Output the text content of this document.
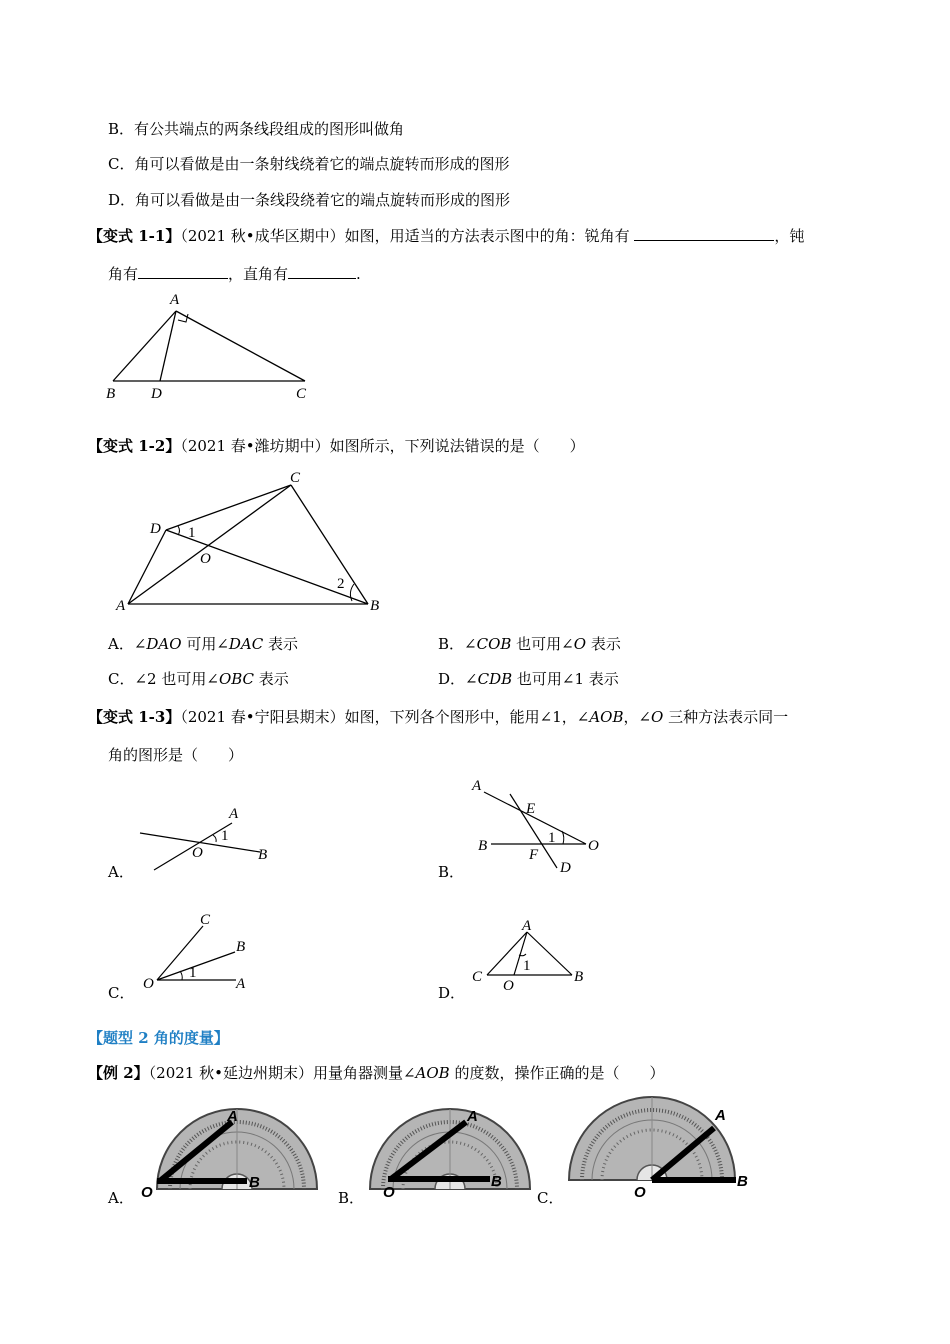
B．有公共端点的两条线段组成的图形叫做角
C．角可以看做是由一条射线绕着它的端点旋转而形成的图形
D．角可以看做是由一条线段绕着它的端点旋转而形成的图形
【变式 1-1】（2021 秋•成华区期中）如图，用适当的方法表示图中的角：锐角有	，钝
角有	，直角有	.
A
B D	C
【变式 1-2】（2021 春•潍坊期中）如图所示，下列说法错误的是（　　）
C
D 1
O
2
A	B
A．∠DAO 可用∠DAC 表示	B．∠COB 也可用∠O 表示
C．∠2 也可用∠OBC 表示	D．∠CDB 也可用∠1 表示
【变式 1-3】（2021 春•宁阳县期末）如图，下列各个图形中，能用∠1，∠AOB，∠O 三种方法表示同一
角的图形是（　　）
A．
A
1
O	B
B．
A
E
1
B
F
O
D
C．
C
B
1
O	A	D．
A
1
C
O
B
【题型 2 角的度量】
【例 2】（2021 秋•延边州期末）用量角器测量∠AOB 的度数，操作正确的是（　　）
A．	B．	C．
A
B
O
A
B
O
A
B
O
